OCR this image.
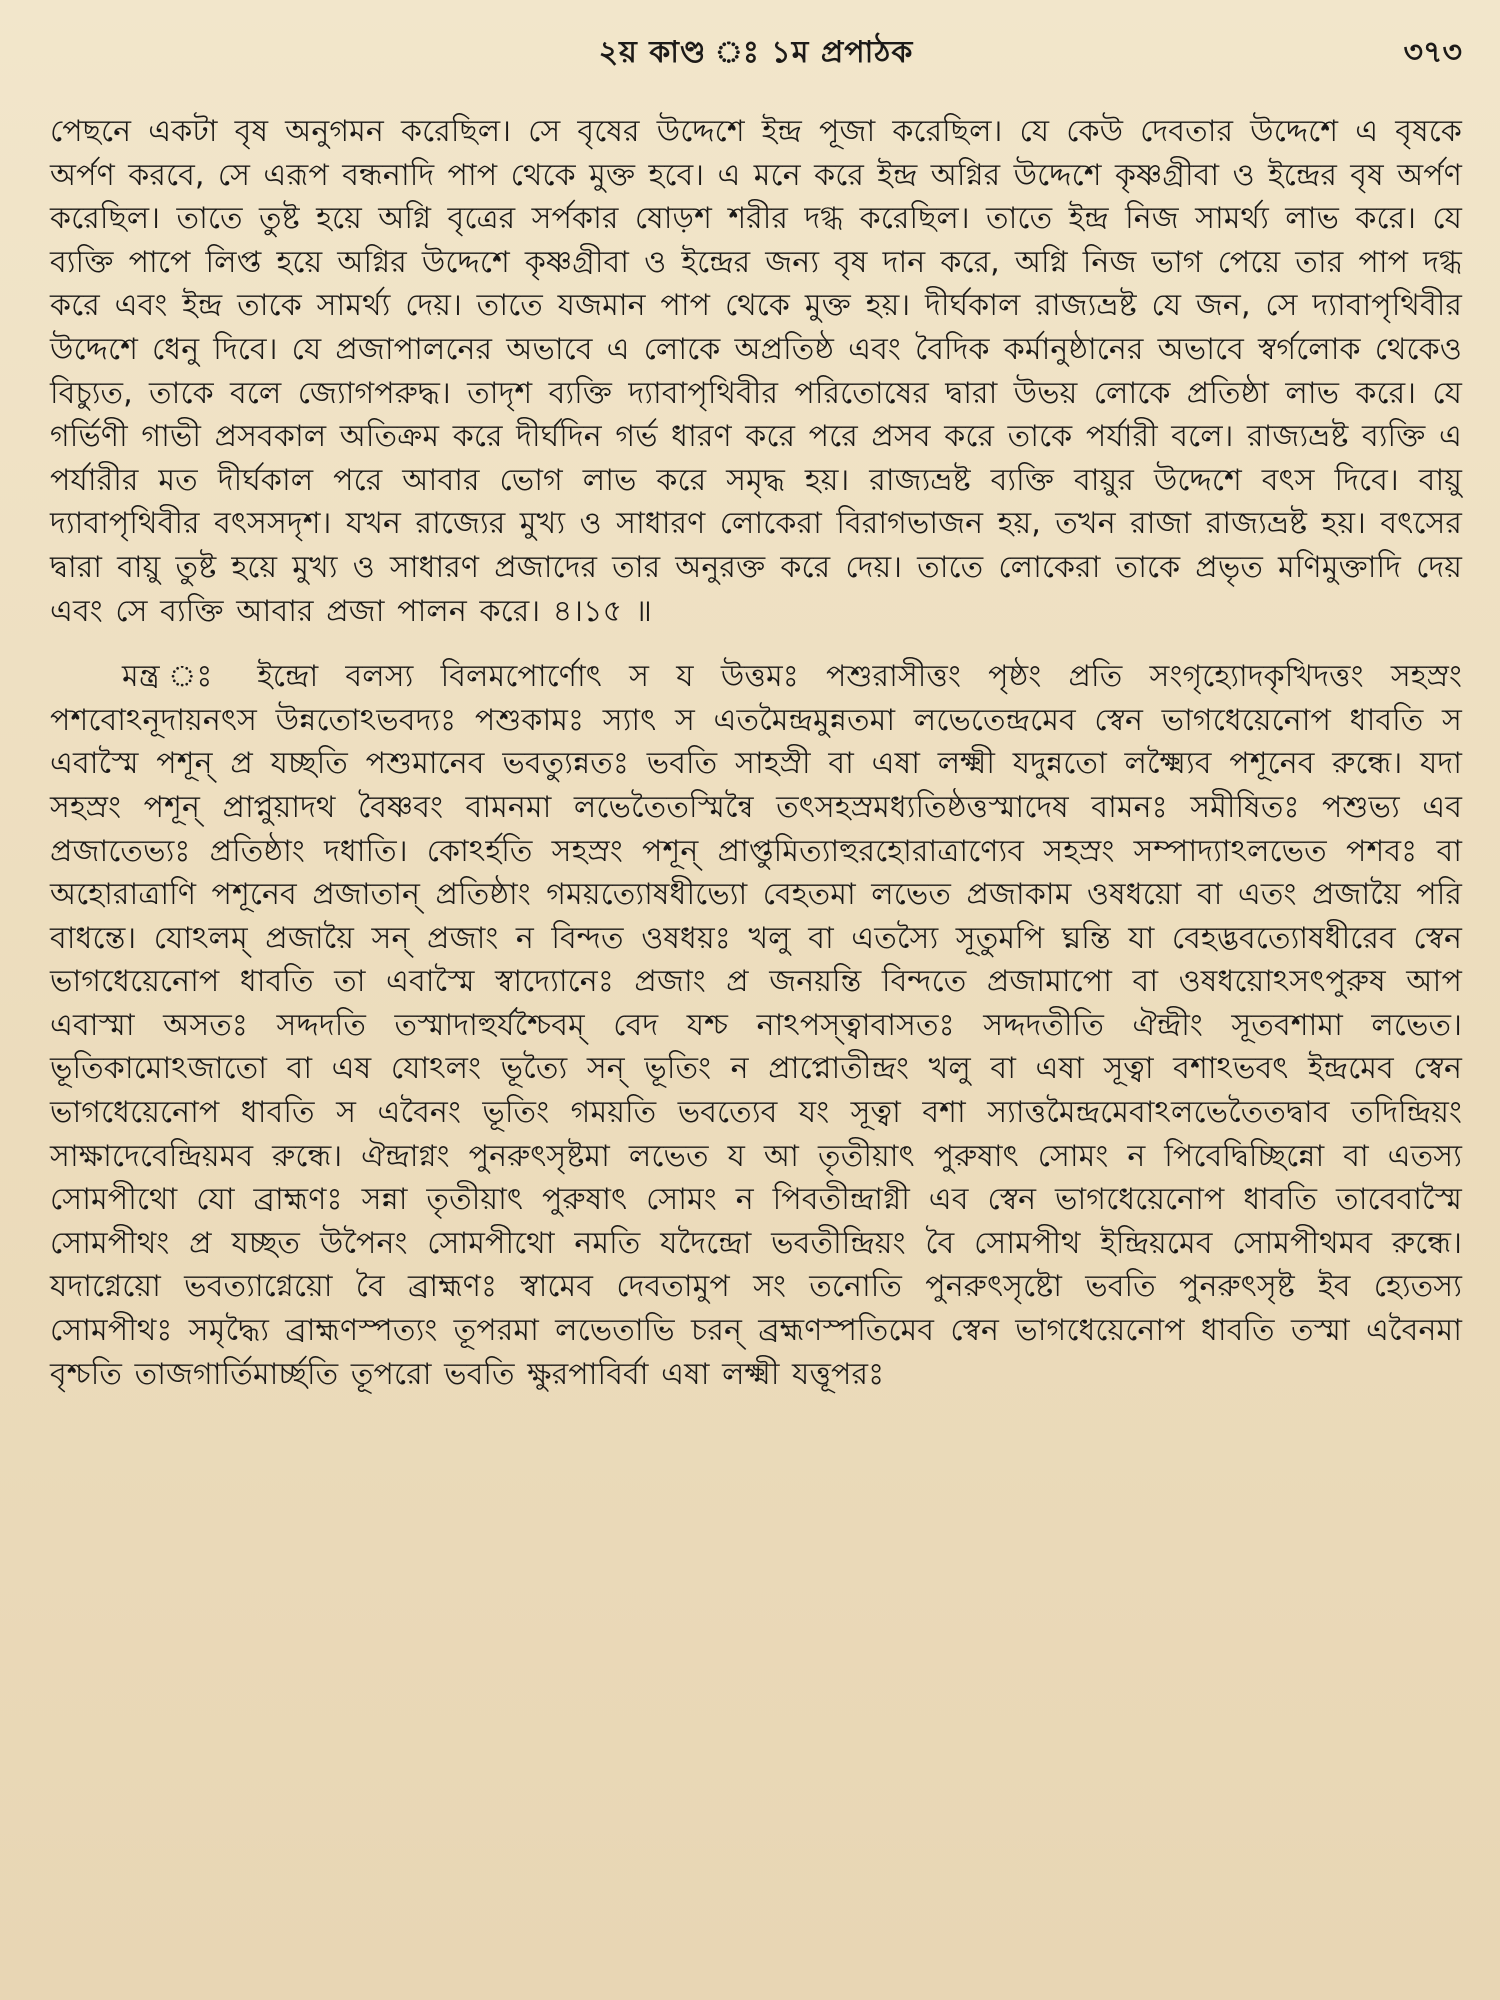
২য় কাণ্ড ঃ ১ম প্রপাঠক	৩৭৩

পেছনে একটা বৃষ অনুগমন করেছিল। সে বৃষের উদ্দেশে ইন্দ্র পূজা করেছিল। যে কেউ দেবতার উদ্দেশে এ বৃষকে অর্পণ করবে, সে এরূপ বন্ধনাদি পাপ থেকে মুক্ত হবে। এ মনে করে ইন্দ্র অগ্নির উদ্দেশে কৃষ্ণগ্রীবা ও ইন্দ্রের বৃষ অর্পণ করেছিল। তাতে তুষ্ট হয়ে অগ্নি বৃত্রের সর্পকার ষোড়শ শরীর দগ্ধ করেছিল। তাতে ইন্দ্র নিজ সামর্থ্য লাভ করে। যে ব্যক্তি পাপে লিপ্ত হয়ে অগ্নির উদ্দেশে কৃষ্ণগ্রীবা ও ইন্দ্রের জন্য বৃষ দান করে, অগ্নি নিজ ভাগ পেয়ে তার পাপ দগ্ধ করে এবং ইন্দ্র তাকে সামর্থ্য দেয়। তাতে যজমান পাপ থেকে মুক্ত হয়। দীর্ঘকাল রাজ্যভ্রষ্ট যে জন, সে দ্যাবাপৃথিবীর উদ্দেশে ধেনু দিবে। যে প্রজাপালনের অভাবে এ লোকে অপ্রতিষ্ঠ এবং বৈদিক কর্মানুষ্ঠানের অভাবে স্বর্গলোক থেকেও বিচ্যুত, তাকে বলে জ্যোগপরুদ্ধ। তাদৃশ ব্যক্তি দ্যাবাপৃথিবীর পরিতোষের দ্বারা উভয় লোকে প্রতিষ্ঠা লাভ করে। যে গর্ভিণী গাভী প্রসবকাল অতিক্রম করে দীর্ঘদিন গর্ভ ধারণ করে পরে প্রসব করে তাকে পর্যারী বলে। রাজ্যভ্রষ্ট ব্যক্তি এ পর্যারীর মত দীর্ঘকাল পরে আবার ভোগ লাভ করে সমৃদ্ধ হয়। রাজ্যভ্রষ্ট ব্যক্তি বায়ুর উদ্দেশে বৎস দিবে। বায়ু দ্যাবাপৃথিবীর বৎসসদৃশ। যখন রাজ্যের মুখ্য ও সাধারণ লোকেরা বিরাগভাজন হয়, তখন রাজা রাজ্যভ্রষ্ট হয়। বৎসের দ্বারা বায়ু তুষ্ট হয়ে মুখ্য ও সাধারণ প্রজাদের তার অনুরক্ত করে দেয়। তাতে লোকেরা তাকে প্রভৃত মণিমুক্তাদি দেয় এবং সে ব্যক্তি আবার প্রজা পালন করে। ৪।১৫ ॥

মন্ত্র ঃ ইন্দ্রো বলস্য বিলমপোর্ণোৎ স য উত্তমঃ পশুরাসীত্তং পৃষ্ঠং প্রতি সংগৃহ্যোদকৃখিদত্তং সহস্রং পশবোঽনূদায়নৎস উন্নতোঽভবদ্যঃ পশুকামঃ স্যাৎ স এতমৈন্দ্রমুন্নতমা লভেতেন্দ্রমেব স্বেন ভাগধেয়েনোপ ধাবতি স এবাস্মৈ পশূন্ প্র যচ্ছতি পশুমানেব ভবত্যুন্নতঃ ভবতি সাহস্রী বা এষা লক্ষ্মী যদুন্নতো লক্ষ্ম্যৈব পশূনেব রুন্ধে। যদা সহস্রং পশূন্ প্রাপ্নুয়াদথ বৈষ্ণবং বামনমা লভেতৈতস্মিন্বৈ তৎসহস্রমধ্যতিষ্ঠত্তস্মাদেষ বামনঃ সমীষিতঃ পশুভ্য এব প্রজাতেভ্যঃ প্রতিষ্ঠাং দধাতি। কোঽর্হতি সহস্রং পশূন্ প্রাপ্তুমিত্যাহুরহোরাত্রাণ্যেব সহস্রং সম্পাদ্যাঽলভেত পশবঃ বা অহোরাত্রাণি পশূনেব প্রজাতান্ প্রতিষ্ঠাং গময়ত্যোষধীভ্যো বেহতমা লভেত প্রজাকাম ওষধয়ো বা এতং প্রজায়ৈ পরি বাধন্তে। যোঽলম্ প্রজায়ৈ সন্ প্রজাং ন বিন্দত ওষধয়ঃ খলু বা এতস্যৈ সূতুমপি ঘ্নন্তি যা বেহদ্ভবত্যোষধীরেব স্বেন ভাগধেয়েনোপ ধাবতি তা এবাস্মৈ স্বাদ্যোনেঃ প্রজাং প্র জনয়ন্তি বিন্দতে প্রজামাপো বা ওষধয়োঽসৎপুরুষ আপ এবাস্মা অসতঃ সদ্দদতি তস্মাদাহুর্যশ্চৈবম্ বেদ যশ্চ নাঽপস্ত্বাবাসতঃ সদ্দদতীতি ঐন্দ্রীং সূতবশামা লভেত। ভূতিকামোঽজাতো বা এষ যোঽলং ভূত্যৈ সন্ ভূতিং ন প্রাপ্নোতীন্দ্রং খলু বা এষা সূত্বা বশাঽভবৎ ইন্দ্রমেব স্বেন ভাগধেয়েনোপ ধাবতি স এবৈনং ভূতিং গময়তি ভবত্যেব যং সূত্বা বশা স্যাত্তমৈন্দ্রমেবাঽলভেতৈতদ্বাব তদিন্দ্রিয়ং সাক্ষাদেবেন্দ্রিয়মব রুন্ধে। ঐন্দ্রাগ্নং পুনরুৎসৃষ্টমা লভেত য আ তৃতীয়াৎ পুরুষাৎ সোমং ন পিবেদ্বিচ্ছিন্নো বা এতস্য সোমপীথো যো ব্রাহ্মণঃ সন্না তৃতীয়াৎ পুরুষাৎ সোমং ন পিবতীন্দ্রাগ্নী এব স্বেন ভাগধেয়েনোপ ধাবতি তাবেবাস্মৈ সোমপীথং প্র যচ্ছত উপৈনং সোমপীথো নমতি যদৈন্দ্রো ভবতীন্দ্রিয়ং বৈ সোমপীথ ইন্দ্রিয়মেব সোমপীথমব রুন্ধে। যদাগ্নেয়ো ভবত্যাগ্নেয়ো বৈ ব্রাহ্মণঃ স্বামেব দেবতামুপ সং তনোতি পুনরুৎসৃষ্টো ভবতি পুনরুৎসৃষ্ট ইব হ্যেতস্য সোমপীথঃ সমৃদ্ধ্যৈ ব্রাহ্মণস্পত্যং তূপরমা লভেতাভি চরন্ ব্রহ্মণস্পতিমেব স্বেন ভাগধেয়েনোপ ধাবতি তস্মা এবৈনমা বৃশ্চতি তাজগার্তিমার্চ্ছতি তূপরো ভবতি ক্ষুরপাবির্বা এষা লক্ষ্মী যত্তূপরঃ
